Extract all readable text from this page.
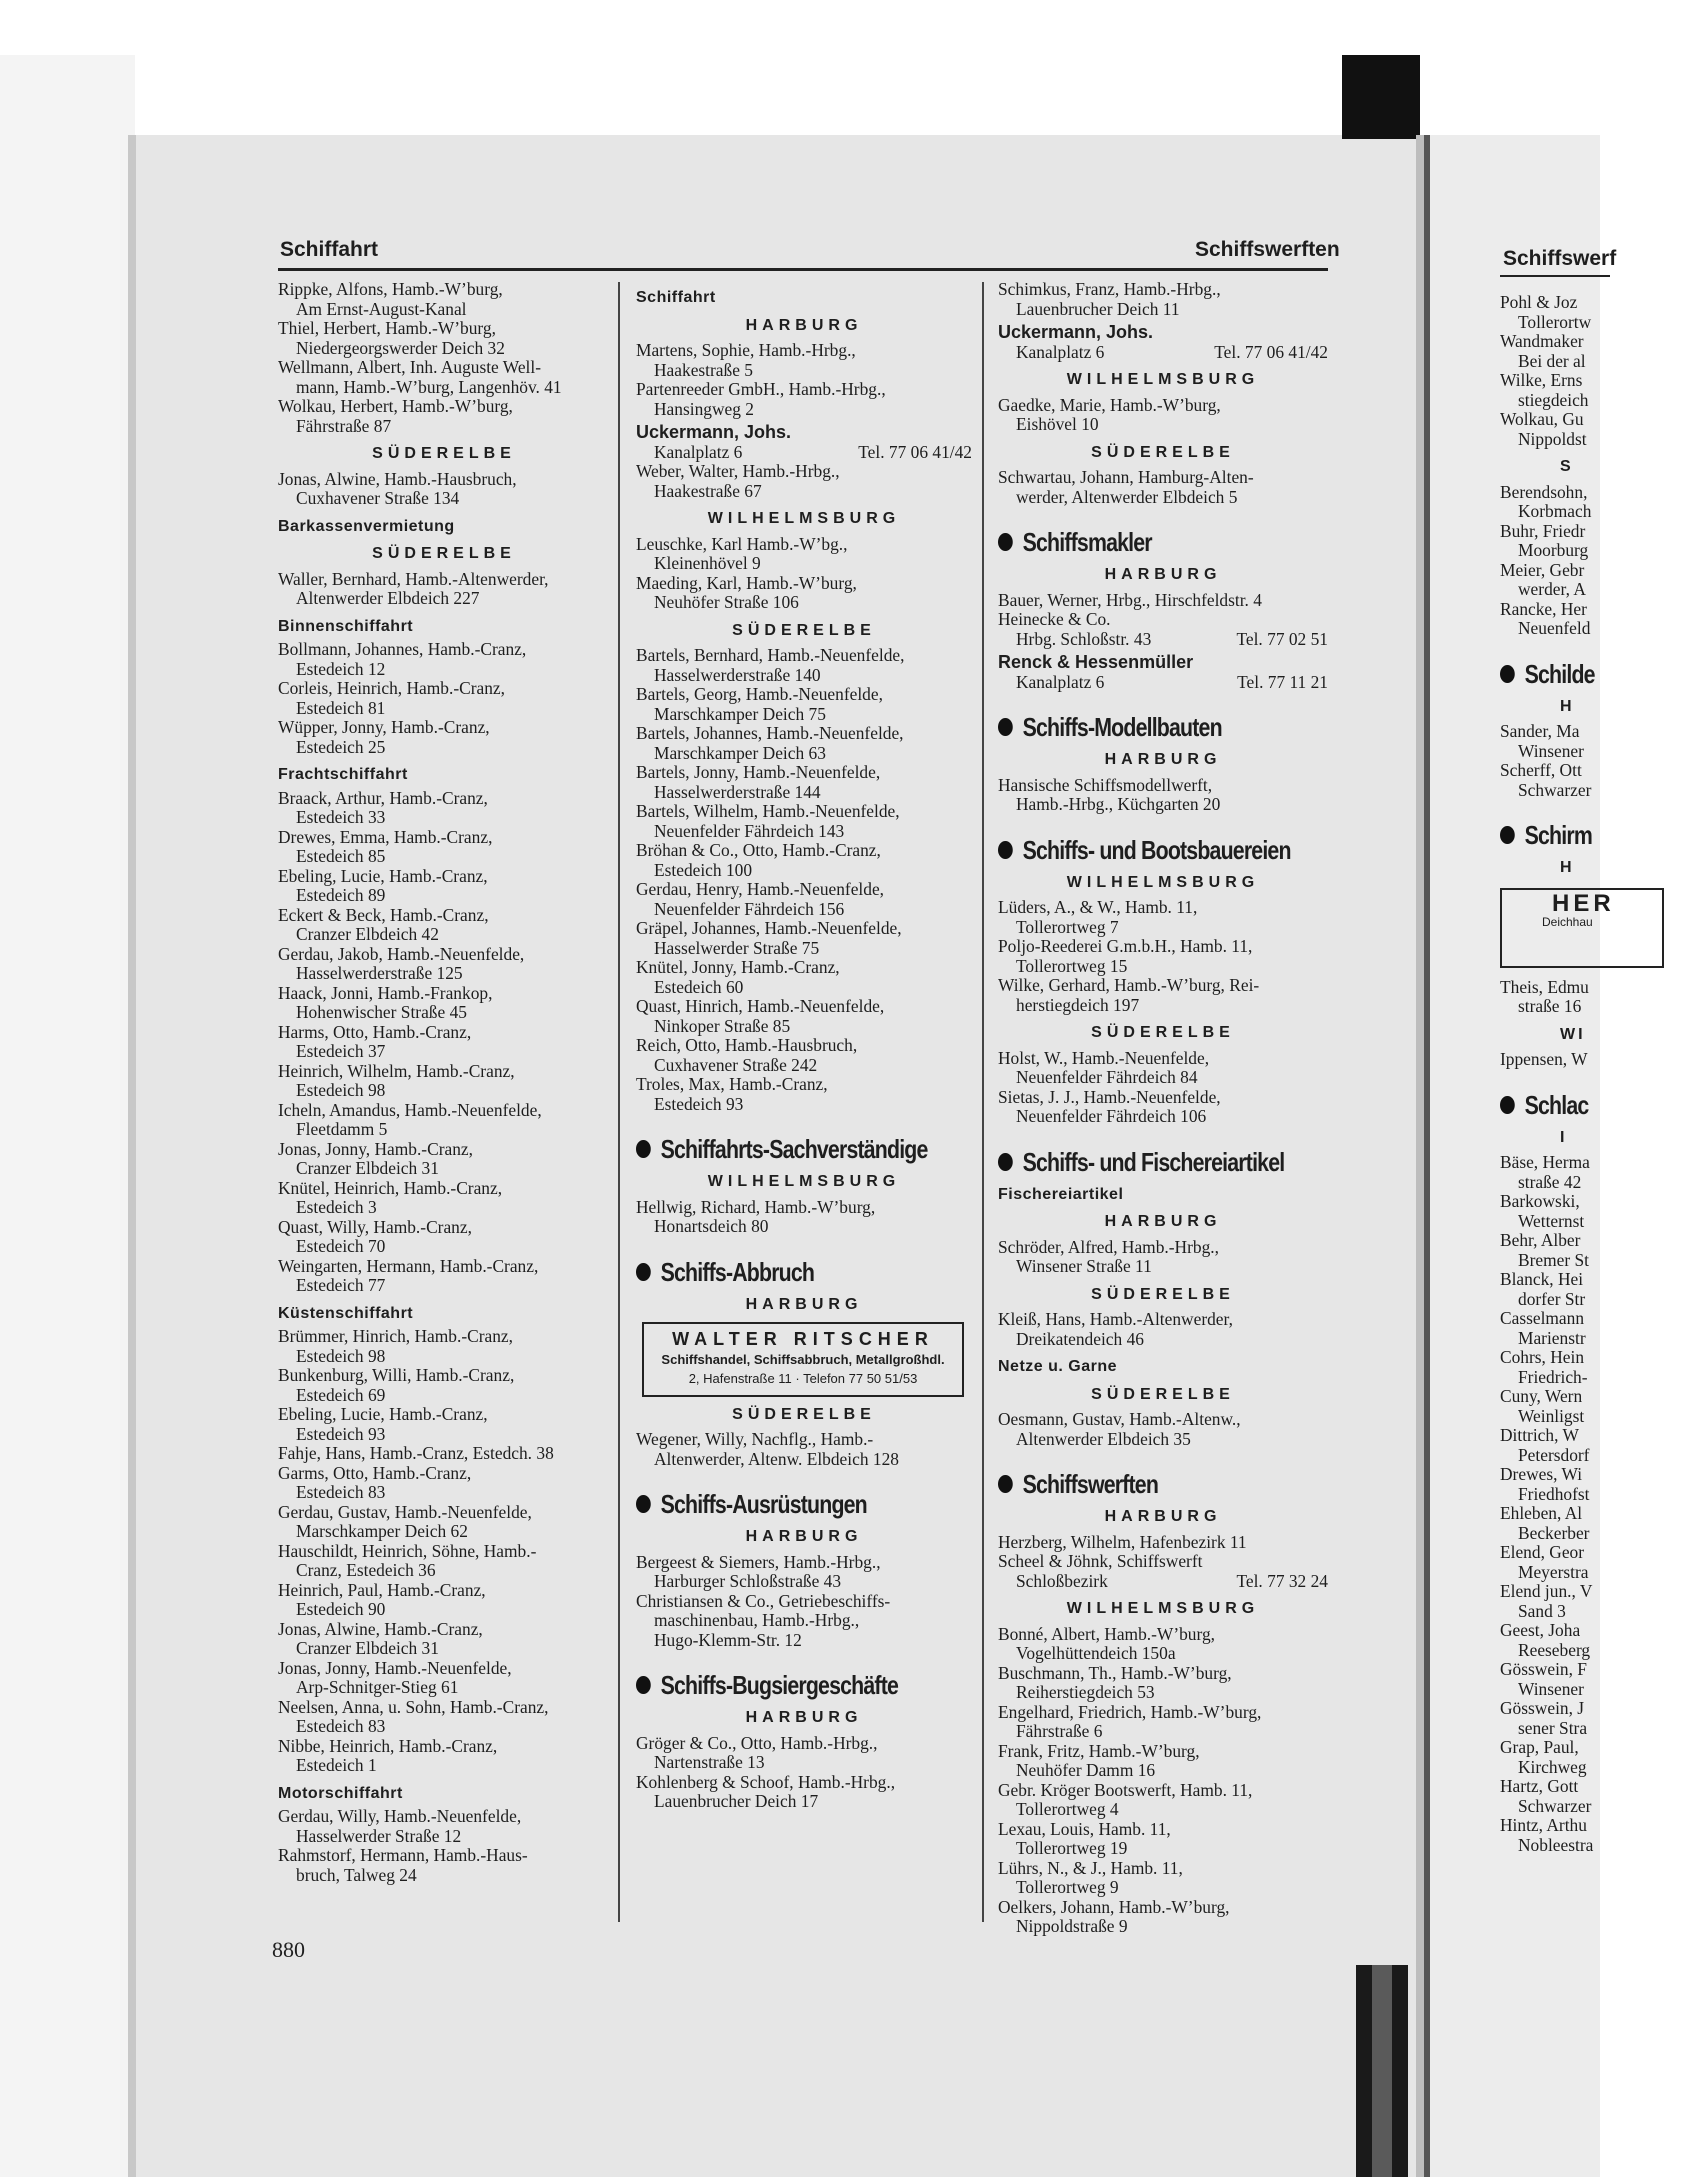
Schiffahrt	Schiffswerften
Rippke, Alfons, Hamb.-W’burg,
Am Ernst-August-Kanal
Thiel, Herbert, Hamb.-W’burg,
Niedergeorgswerder Deich 32
Wellmann, Albert, Inh. Auguste Well-
mann, Hamb.-W’burg, Langenhöv. 41
Wolkau, Herbert, Hamb.-W’burg,
Fährstraße 87
SÜDERELBE
Jonas, Alwine, Hamb.-Hausbruch,
Cuxhavener Straße 134
Barkassenvermietung
SÜDERELBE
Waller, Bernhard, Hamb.-Altenwerder,
Altenwerder Elbdeich 227
Binnenschiffahrt
Bollmann, Johannes, Hamb.-Cranz,
Estedeich 12
Corleis, Heinrich, Hamb.-Cranz,
Estedeich 81
Wüpper, Jonny, Hamb.-Cranz,
Estedeich 25
Frachtschiffahrt
Braack, Arthur, Hamb.-Cranz,
Estedeich 33
Drewes, Emma, Hamb.-Cranz,
Estedeich 85
Ebeling, Lucie, Hamb.-Cranz,
Estedeich 89
Eckert & Beck, Hamb.-Cranz,
Cranzer Elbdeich 42
Gerdau, Jakob, Hamb.-Neuenfelde,
Hasselwerderstraße 125
Haack, Jonni, Hamb.-Frankop,
Hohenwischer Straße 45
Harms, Otto, Hamb.-Cranz,
Estedeich 37
Heinrich, Wilhelm, Hamb.-Cranz,
Estedeich 98
Icheln, Amandus, Hamb.-Neuenfelde,
Fleetdamm 5
Jonas, Jonny, Hamb.-Cranz,
Cranzer Elbdeich 31
Knütel, Heinrich, Hamb.-Cranz,
Estedeich 3
Quast, Willy, Hamb.-Cranz,
Estedeich 70
Weingarten, Hermann, Hamb.-Cranz,
Estedeich 77
Küstenschiffahrt
Brümmer, Hinrich, Hamb.-Cranz,
Estedeich 98
Bunkenburg, Willi, Hamb.-Cranz,
Estedeich 69
Ebeling, Lucie, Hamb.-Cranz,
Estedeich 93
Fahje, Hans, Hamb.-Cranz, Estedch. 38
Garms, Otto, Hamb.-Cranz,
Estedeich 83
Gerdau, Gustav, Hamb.-Neuenfelde,
Marschkamper Deich 62
Hauschildt, Heinrich, Söhne, Hamb.-
Cranz, Estedeich 36
Heinrich, Paul, Hamb.-Cranz,
Estedeich 90
Jonas, Alwine, Hamb.-Cranz,
Cranzer Elbdeich 31
Jonas, Jonny, Hamb.-Neuenfelde,
Arp-Schnitger-Stieg 61
Neelsen, Anna, u. Sohn, Hamb.-Cranz,
Estedeich 83
Nibbe, Heinrich, Hamb.-Cranz,
Estedeich 1
Motorschiffahrt
Gerdau, Willy, Hamb.-Neuenfelde,
Hasselwerder Straße 12
Rahmstorf, Hermann, Hamb.-Haus-
bruch, Talweg 24
Schiffahrt
HARBURG
Martens, Sophie, Hamb.-Hrbg.,
Haakestraße 5
Partenreeder GmbH., Hamb.-Hrbg.,
Hansingweg 2
Uckermann, Johs.
Kanalplatz 6	Tel. 77 06 41/42
Weber, Walter, Hamb.-Hrbg.,
Haakestraße 67
WILHELMSBURG
Leuschke, Karl Hamb.-W’bg.,
Kleinenhövel 9
Maeding, Karl, Hamb.-W’burg,
Neuhöfer Straße 106
SÜDERELBE
Bartels, Bernhard, Hamb.-Neuenfelde,
Hasselwerderstraße 140
Bartels, Georg, Hamb.-Neuenfelde,
Marschkamper Deich 75
Bartels, Johannes, Hamb.-Neuenfelde,
Marschkamper Deich 63
Bartels, Jonny, Hamb.-Neuenfelde,
Hasselwerderstraße 144
Bartels, Wilhelm, Hamb.-Neuenfelde,
Neuenfelder Fährdeich 143
Bröhan & Co., Otto, Hamb.-Cranz,
Estedeich 100
Gerdau, Henry, Hamb.-Neuenfelde,
Neuenfelder Fährdeich 156
Gräpel, Johannes, Hamb.-Neuenfelde,
Hasselwerder Straße 75
Knütel, Jonny, Hamb.-Cranz,
Estedeich 60
Quast, Hinrich, Hamb.-Neuenfelde,
Ninkoper Straße 85
Reich, Otto, Hamb.-Hausbruch,
Cuxhavener Straße 242
Troles, Max, Hamb.-Cranz,
Estedeich 93
Schiffahrts-Sachverständige
WILHELMSBURG
Hellwig, Richard, Hamb.-W’burg,
Honartsdeich 80
Schiffs-Abbruch
HARBURG
WALTER RITSCHER
Schiffshandel, Schiffsabbruch, Metallgroßhdl.
2, Hafenstraße 11 · Telefon 77 50 51/53
SÜDERELBE
Wegener, Willy, Nachflg., Hamb.-
Altenwerder, Altenw. Elbdeich 128
Schiffs-Ausrüstungen
HARBURG
Bergeest & Siemers, Hamb.-Hrbg.,
Harburger Schloßstraße 43
Christiansen & Co., Getriebeschiffs-
maschinenbau, Hamb.-Hrbg.,
Hugo-Klemm-Str. 12
Schiffs-Bugsiergeschäfte
HARBURG
Gröger & Co., Otto, Hamb.-Hrbg.,
Nartenstraße 13
Kohlenberg & Schoof, Hamb.-Hrbg.,
Lauenbrucher Deich 17
Schimkus, Franz, Hamb.-Hrbg.,
Lauenbrucher Deich 11
Uckermann, Johs.
Kanalplatz 6	Tel. 77 06 41/42
WILHELMSBURG
Gaedke, Marie, Hamb.-W’burg,
Eishövel 10
SÜDERELBE
Schwartau, Johann, Hamburg-Alten-
werder, Altenwerder Elbdeich 5
Schiffsmakler
HARBURG
Bauer, Werner, Hrbg., Hirschfeldstr. 4
Heinecke & Co.
Hrbg. Schloßstr. 43	Tel. 77 02 51
Renck & Hessenmüller
Kanalplatz 6	Tel. 77 11 21
Schiffs-Modellbauten
HARBURG
Hansische Schiffsmodellwerft,
Hamb.-Hrbg., Küchgarten 20
Schiffs- und Bootsbauereien
WILHELMSBURG
Lüders, A., & W., Hamb. 11,
Tollerortweg 7
Poljo-Reederei G.m.b.H., Hamb. 11,
Tollerortweg 15
Wilke, Gerhard, Hamb.-W’burg, Rei-
herstiegdeich 197
SÜDERELBE
Holst, W., Hamb.-Neuenfelde,
Neuenfelder Fährdeich 84
Sietas, J. J., Hamb.-Neuenfelde,
Neuenfelder Fährdeich 106
Schiffs- und Fischereiartikel
Fischereiartikel
HARBURG
Schröder, Alfred, Hamb.-Hrbg.,
Winsener Straße 11
SÜDERELBE
Kleiß, Hans, Hamb.-Altenwerder,
Dreikatendeich 46
Netze u. Garne
SÜDERELBE
Oesmann, Gustav, Hamb.-Altenw.,
Altenwerder Elbdeich 35
Schiffswerften
HARBURG
Herzberg, Wilhelm, Hafenbezirk 11
Scheel & Jöhnk, Schiffswerft
Schloßbezirk	Tel. 77 32 24
WILHELMSBURG
Bonné, Albert, Hamb.-W’burg,
Vogelhüttendeich 150a
Buschmann, Th., Hamb.-W’burg,
Reiherstiegdeich 53
Engelhard, Friedrich, Hamb.-W’burg,
Fährstraße 6
Frank, Fritz, Hamb.-W’burg,
Neuhöfer Damm 16
Gebr. Kröger Bootswerft, Hamb. 11,
Tollerortweg 4
Lexau, Louis, Hamb. 11,
Tollerortweg 19
Lührs, N., & J., Hamb. 11,
Tollerortweg 9
Oelkers, Johann, Hamb.-W’burg,
Nippoldstraße 9
Schiffswerf
Pohl & Joz
Tollerortw
Wandmaker
Bei der al
Wilke, Erns
stiegdeich
Wolkau, Gu
Nippoldst
S
Berendsohn,
Korbmach
Buhr, Friedr
Moorburg
Meier, Gebr
werder, A
Rancke, Her
Neuenfeld
Schilde
H
Sander, Ma
Winsener
Scherff, Ott
Schwarzer
Schirm
H
HER
Deichhau
Theis, Edmu
straße 16
WI
Ippensen, W
Schlac
I
Bäse, Herma
straße 42
Barkowski,
Wetternst
Behr, Alber
Bremer St
Blanck, Hei
dorfer Str
Casselmann
Marienstr
Cohrs, Hein
Friedrich-
Cuny, Wern
Weinligst
Dittrich, W
Petersdorf
Drewes, Wi
Friedhofst
Ehleben, Al
Beckerber
Elend, Geor
Meyerstra
Elend jun., V
Sand 3
Geest, Joha
Reeseberg
Gösswein, F
Winsener
Gösswein, J
sener Stra
Grap, Paul,
Kirchweg
Hartz, Gott
Schwarzer
Hintz, Arthu
Nobleestra
880
